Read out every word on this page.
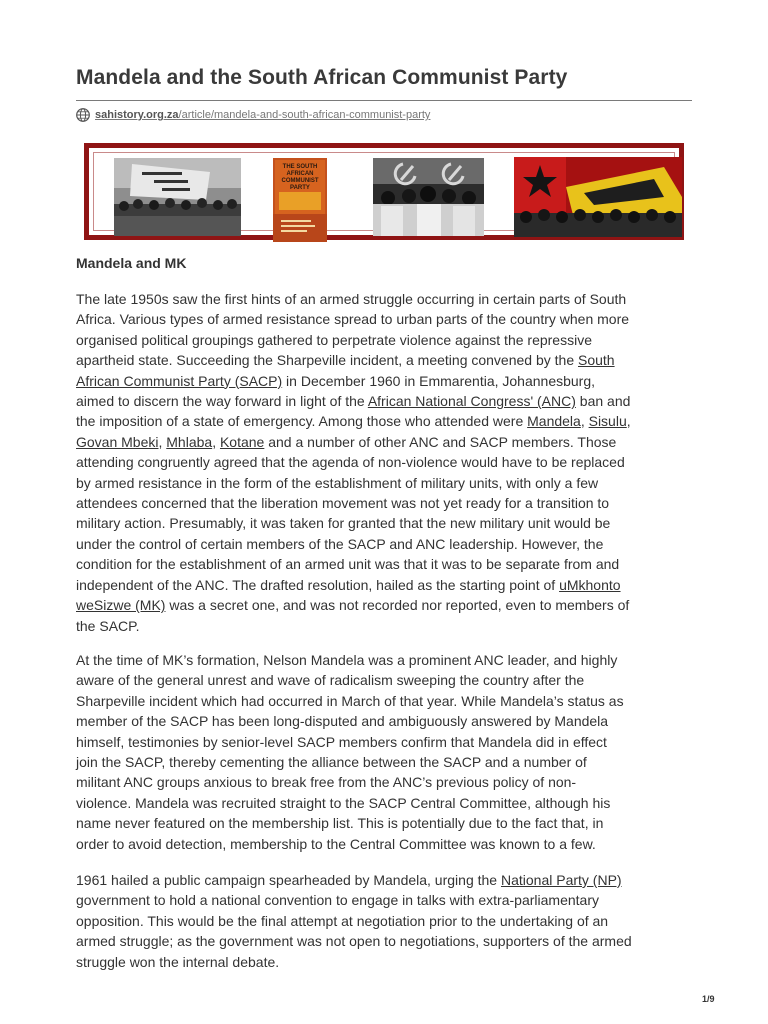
Mandela and the South African Communist Party
sahistory.org.za/article/mandela-and-south-african-communist-party
THE SOUTH
AFRICAN
COMMUNIST
PARTY
Mandela and MK

The late 1950s saw the first hints of an armed struggle occurring in certain parts of South
Africa. Various types of armed resistance spread to urban parts of the country when more
organised political groupings gathered to perpetrate violence against the repressive
apartheid state. Succeeding the Sharpeville incident, a meeting convened by the South
African Communist Party (SACP) in December 1960 in Emmarentia, Johannesburg,
aimed to discern the way forward in light of the African National Congress' (ANC) ban and
the imposition of a state of emergency. Among those who attended were Mandela, Sisulu,
Govan Mbeki, Mhlaba, Kotane and a number of other ANC and SACP members. Those
attending congruently agreed that the agenda of non-violence would have to be replaced
by armed resistance in the form of the establishment of military units, with only a few
attendees concerned that the liberation movement was not yet ready for a transition to
military action. Presumably, it was taken for granted that the new military unit would be
under the control of certain members of the SACP and ANC leadership. However, the
condition for the establishment of an armed unit was that it was to be separate from and
independent of the ANC. The drafted resolution, hailed as the starting point of uMkhonto
weSizwe (MK) was a secret one, and was not recorded nor reported, even to members of
the SACP.

At the time of MK’s formation, Nelson Mandela was a prominent ANC leader, and highly
aware of the general unrest and wave of radicalism sweeping the country after the
Sharpeville incident which had occurred in March of that year. While Mandela’s status as
member of the SACP has been long-disputed and ambiguously answered by Mandela
himself, testimonies by senior-level SACP members confirm that Mandela did in effect
join the SACP, thereby cementing the alliance between the SACP and a number of
militant ANC groups anxious to break free from the ANC’s previous policy of non-
violence. Mandela was recruited straight to the SACP Central Committee, although his
name never featured on the membership list. This is potentially due to the fact that, in
order to avoid detection, membership to the Central Committee was known to a few.

1961 hailed a public campaign spearheaded by Mandela, urging the National Party (NP)
government to hold a national convention to engage in talks with extra-parliamentary
opposition. This would be the final attempt at negotiation prior to the undertaking of an
armed struggle; as the government was not open to negotiations, supporters of the armed
struggle won the internal debate.

1/9
